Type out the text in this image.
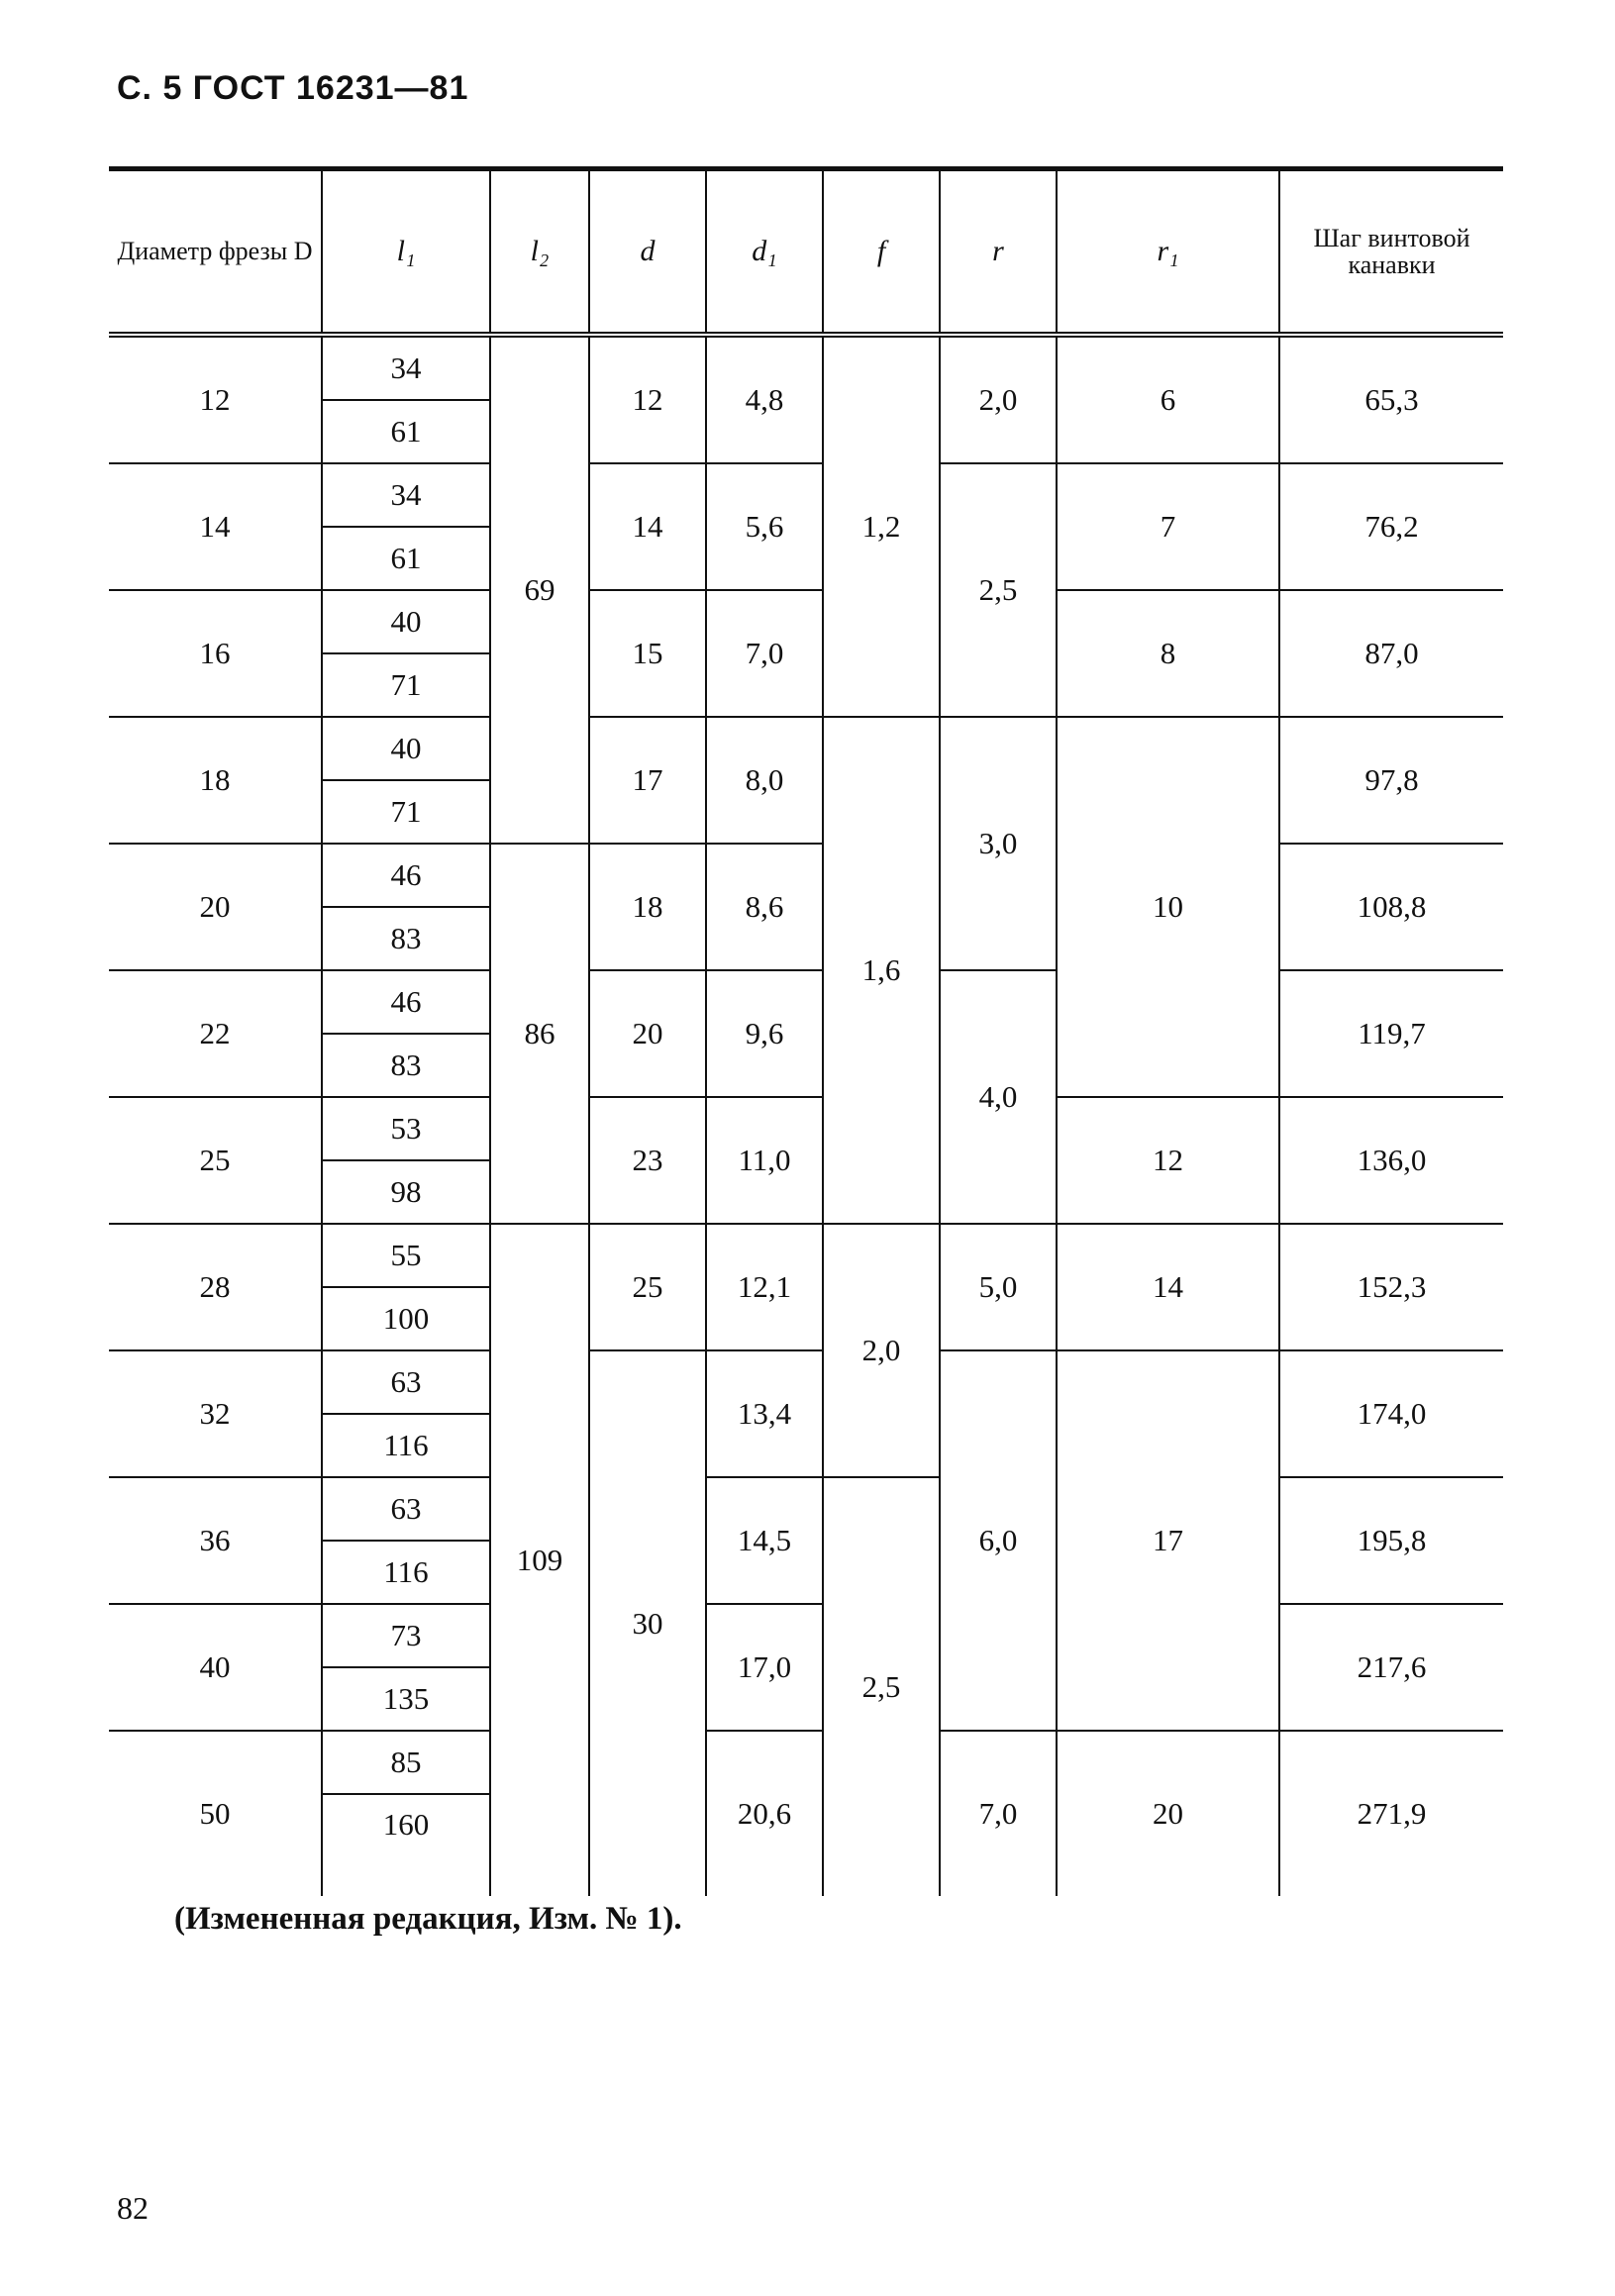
С. 5 ГОСТ 16231—81
Диаметр фрезы D	l₁	l₂	d	d₁	f	r	r₁	Шаг винтовой канавки
12	34	69	12	4,8	1,2	2,0	6	65,3
	61							
14	34		14	5,6		2,5	7	76,2
	61							
16	40		15	7,0			8	87,0
	71							
18	40		17	8,0	1,6	3,0	10	97,8
	71							
20	46	86	18	8,6				108,8
	83							
22	46		20	9,6		4,0		119,7
	83							
25	53		23	11,0			12	136,0
	98							
28	55	109	25	12,1	2,0	5,0	14	152,3
	100							
32	63		30	13,4		6,0	17	174,0
	116							
36	63			14,5	2,5			195,8
	116							
40	73			17,0				217,6
	135							
50	85			20,6		7,0	20	271,9
	160							
(Измененная редакция, Изм. № 1).
82
